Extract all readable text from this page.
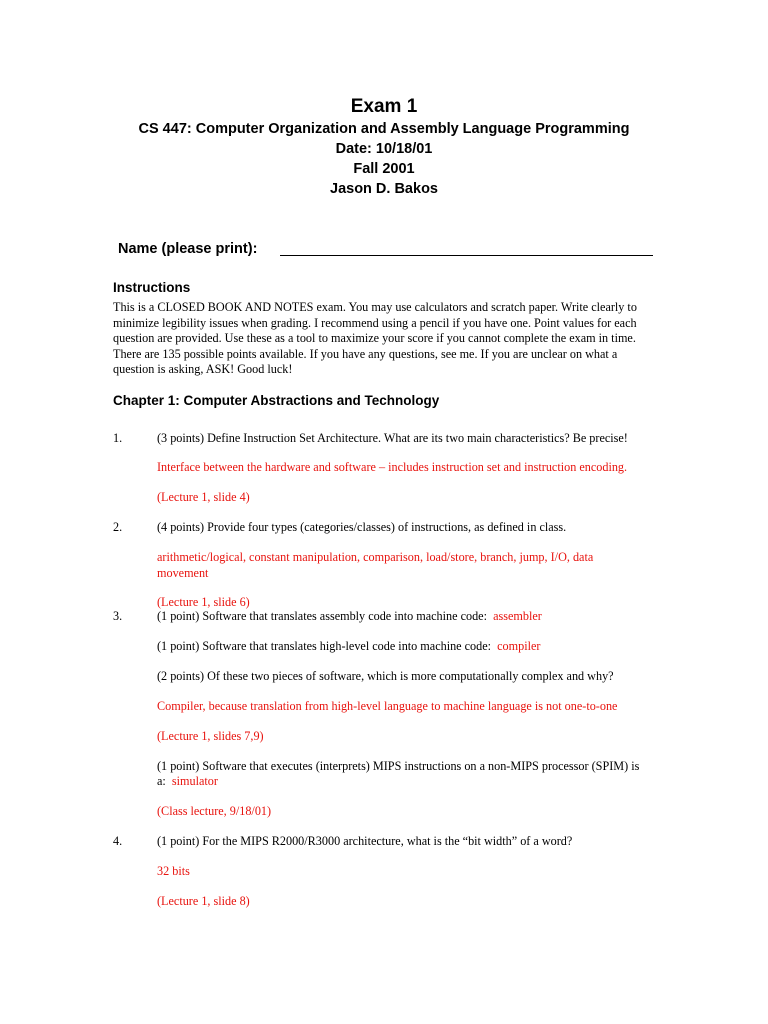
Exam 1
CS 447: Computer Organization and Assembly Language Programming
Date: 10/18/01
Fall 2001
Jason D. Bakos
Name (please print):
Instructions
This is a CLOSED BOOK AND NOTES exam. You may use calculators and scratch paper. Write clearly to minimize legibility issues when grading. I recommend using a pencil if you have one. Point values for each question are provided. Use these as a tool to maximize your score if you cannot complete the exam in time. There are 135 possible points available. If you have any questions, see me. If you are unclear on what a question is asking, ASK! Good luck!
Chapter 1: Computer Abstractions and Technology
1.	(3 points) Define Instruction Set Architecture. What are its two main characteristics? Be precise!
Interface between the hardware and software – includes instruction set and instruction encoding.
(Lecture 1, slide 4)
2.	(4 points) Provide four types (categories/classes) of instructions, as defined in class.
arithmetic/logical, constant manipulation, comparison, load/store, branch, jump, I/O, data movement
(Lecture 1, slide 6)
3.	(1 point) Software that translates assembly code into machine code: assembler
(1 point) Software that translates high-level code into machine code: compiler
(2 points) Of these two pieces of software, which is more computationally complex and why?
Compiler, because translation from high-level language to machine language is not one-to-one
(Lecture 1, slides 7,9)
(1 point) Software that executes (interprets) MIPS instructions on a non-MIPS processor (SPIM) is
a: simulator
(Class lecture, 9/18/01)
4.	(1 point) For the MIPS R2000/R3000 architecture, what is the “bit width” of a word?
32 bits
(Lecture 1, slide 8)
